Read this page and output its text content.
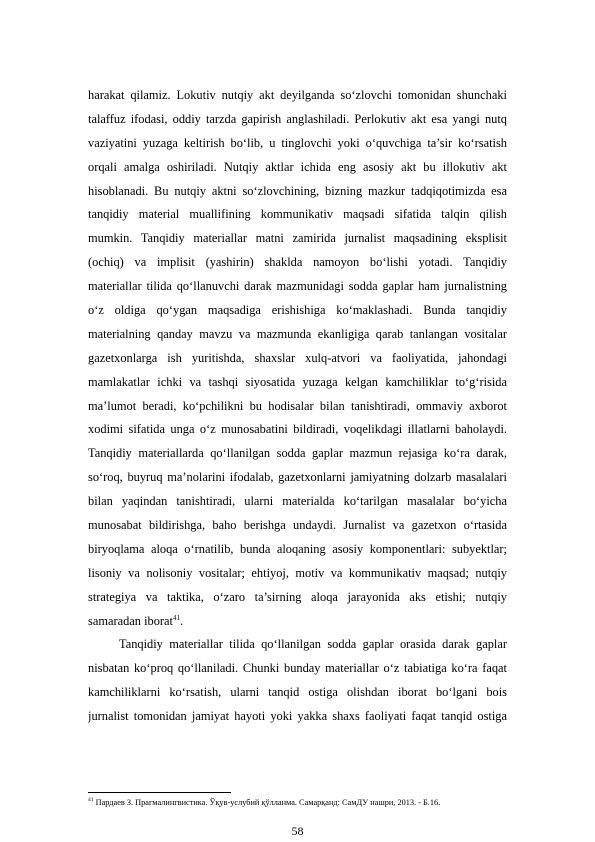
harakat qilamiz. Lokutiv nutqiy akt deyilganda so‘zlovchi tomonidan shunchaki
talaffuz ifodasi, oddiy tarzda gapirish anglashiladi. Perlokutiv akt esa yangi nutq
vaziyatini yuzaga keltirish bo‘lib, u tinglovchi yoki o‘quvchiga ta’sir ko‘rsatish
orqali amalga oshiriladi. Nutqiy aktlar ichida eng asosiy akt bu illokutiv akt
hisoblanadi. Bu nutqiy aktni so‘zlovchining, bizning mazkur tadqiqotimizda esa
tanqidiy material muallifining kommunikativ maqsadi sifatida talqin qilish
mumkin. Tanqidiy materiallar matni zamirida jurnalist maqsadining eksplisit
(ochiq) va implisit (yashirin) shaklda namoyon bo‘lishi yotadi. Tanqidiy
materiallar tilida qo‘llanuvchi darak mazmunidagi sodda gaplar ham jurnalistning
o‘z oldiga qo‘ygan maqsadiga erishishiga ko‘maklashadi. Bunda tanqidiy
materialning qanday mavzu va mazmunda ekanligiga qarab tanlangan vositalar
gazetxonlarga ish yuritishda, shaxslar xulq-atvori va faoliyatida, jahondagi
mamlakatlar ichki va tashqi siyosatida yuzaga kelgan kamchiliklar to‘g‘risida
ma’lumot beradi, ko‘pchilikni bu hodisalar bilan tanishtiradi, ommaviy axborot
xodimi sifatida unga o‘z munosabatini bildiradi, voqelikdagi illatlarni baholaydi.
Tanqidiy materiallarda qo‘llanilgan sodda gaplar mazmun rejasiga ko‘ra darak,
so‘roq, buyruq ma’nolarini ifodalab, gazetxonlarni jamiyatning dolzarb masalalari
bilan yaqindan tanishtiradi, ularni materialda ko‘tarilgan masalalar bo‘yicha
munosabat bildirishga, baho berishga undaydi. Jurnalist va gazetxon o‘rtasida
biryoqlama aloqa o‘rnatilib, bunda aloqaning asosiy komponentlari: subyektlar;
lisoniy va nolisoniy vositalar; ehtiyoj, motiv va kommunikativ maqsad; nutqiy
strategiya va taktika, o‘zaro ta’sirning aloqa jarayonida aks etishi; nutqiy
samaradan iborat$^{41}$.
Tanqidiy materiallar tilida qo‘llanilgan sodda gaplar orasida darak gaplar
nisbatan ko‘proq qo‘llaniladi. Chunki bunday materiallar o‘z tabiatiga ko‘ra faqat
kamchiliklarni ko‘rsatish, ularni tanqid ostiga olishdan iborat bo‘lgani bois
jurnalist tomonidan jamiyat hayoti yoki yakka shaxs faoliyati faqat tanqid ostiga
$^{41}$ Пардаев З. Прагмалингвистика. Ўқув-услубий қўлланма. Самарқанд: СамДУ нашри, 2013. - Б.16.
58
